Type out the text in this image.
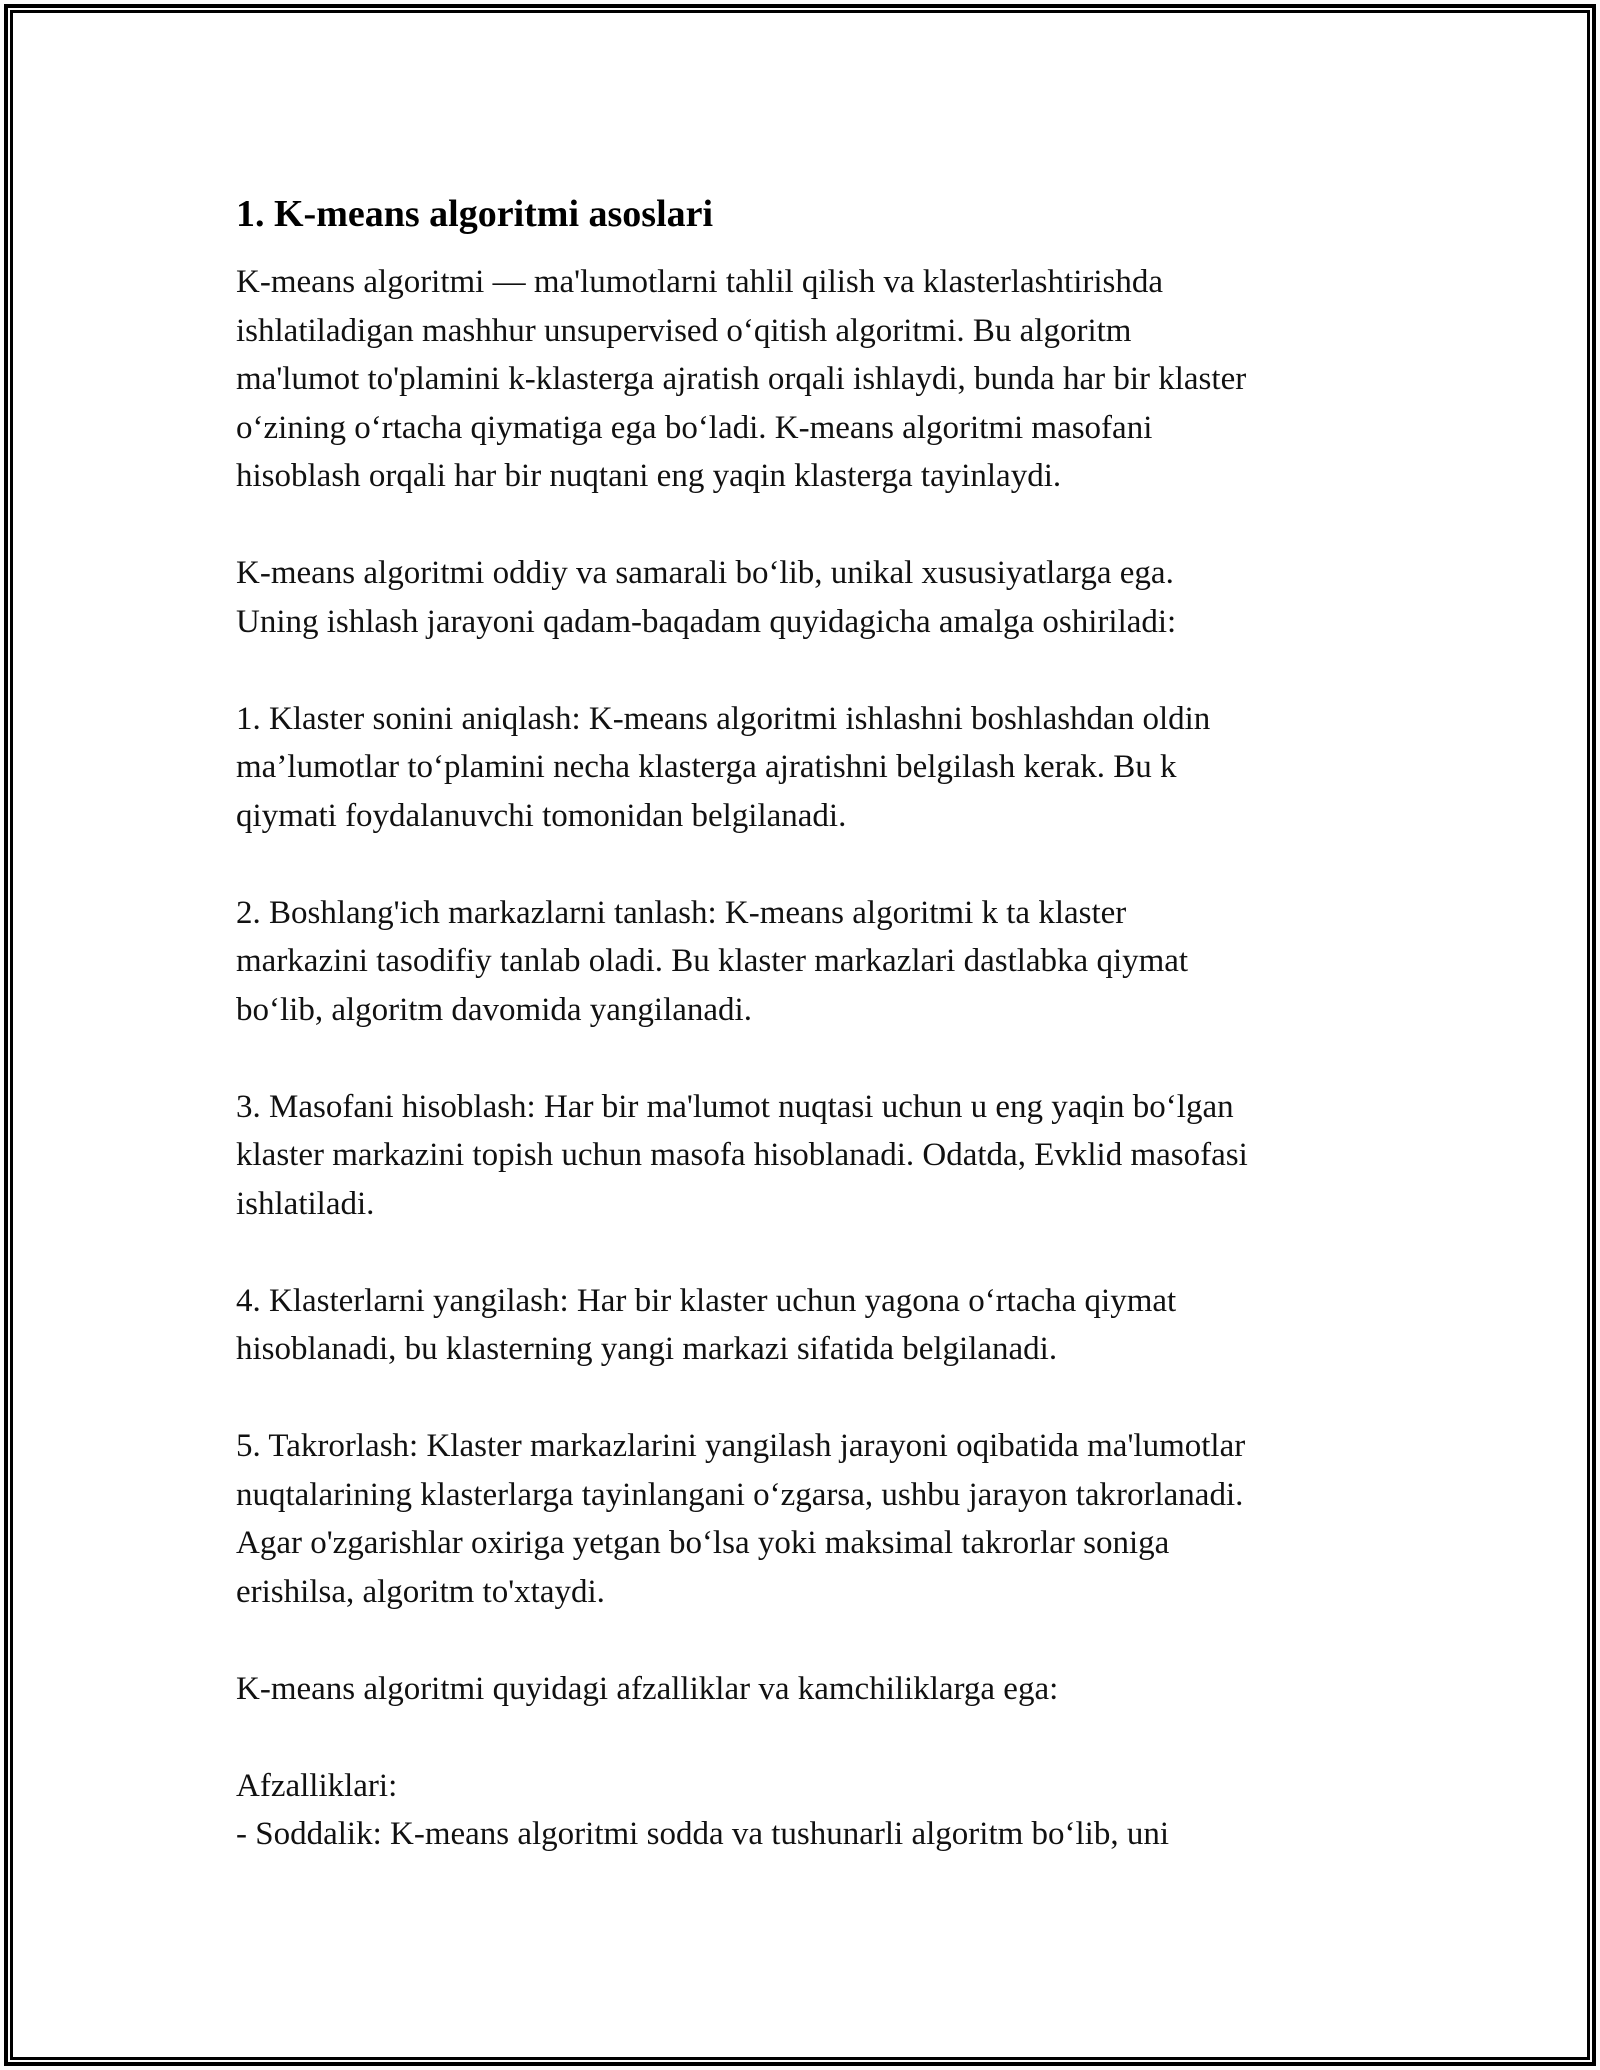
1. K-means algoritmi asoslari
K-means algoritmi — ma'lumotlarni tahlil qilish va klasterlashtirishda
ishlatiladigan mashhur unsupervised o‘qitish algoritmi. Bu algoritm
ma'lumot to'plamini k-klasterga ajratish orqali ishlaydi, bunda har bir klaster
o‘zining o‘rtacha qiymatiga ega bo‘ladi. K-means algoritmi masofani
hisoblash orqali har bir nuqtani eng yaqin klasterga tayinlaydi.
K-means algoritmi oddiy va samarali bo‘lib, unikal xususiyatlarga ega.
Uning ishlash jarayoni qadam-baqadam quyidagicha amalga oshiriladi:
1. Klaster sonini aniqlash: K-means algoritmi ishlashni boshlashdan oldin
ma’lumotlar to‘plamini necha klasterga ajratishni belgilash kerak. Bu k
qiymati foydalanuvchi tomonidan belgilanadi.
2. Boshlang'ich markazlarni tanlash: K-means algoritmi k ta klaster
markazini tasodifiy tanlab oladi. Bu klaster markazlari dastlabka qiymat
bo‘lib, algoritm davomida yangilanadi.
3. Masofani hisoblash: Har bir ma'lumot nuqtasi uchun u eng yaqin bo‘lgan
klaster markazini topish uchun masofa hisoblanadi. Odatda, Evklid masofasi
ishlatiladi.
4. Klasterlarni yangilash: Har bir klaster uchun yagona o‘rtacha qiymat
hisoblanadi, bu klasterning yangi markazi sifatida belgilanadi.
5. Takrorlash: Klaster markazlarini yangilash jarayoni oqibatida ma'lumotlar
nuqtalarining klasterlarga tayinlangani o‘zgarsa, ushbu jarayon takrorlanadi.
Agar o'zgarishlar oxiriga yetgan bo‘lsa yoki maksimal takrorlar soniga
erishilsa, algoritm to'xtaydi.
K-means algoritmi quyidagi afzalliklar va kamchiliklarga ega:
Afzalliklari:
- Soddalik: K-means algoritmi sodda va tushunarli algoritm bo‘lib, uni
